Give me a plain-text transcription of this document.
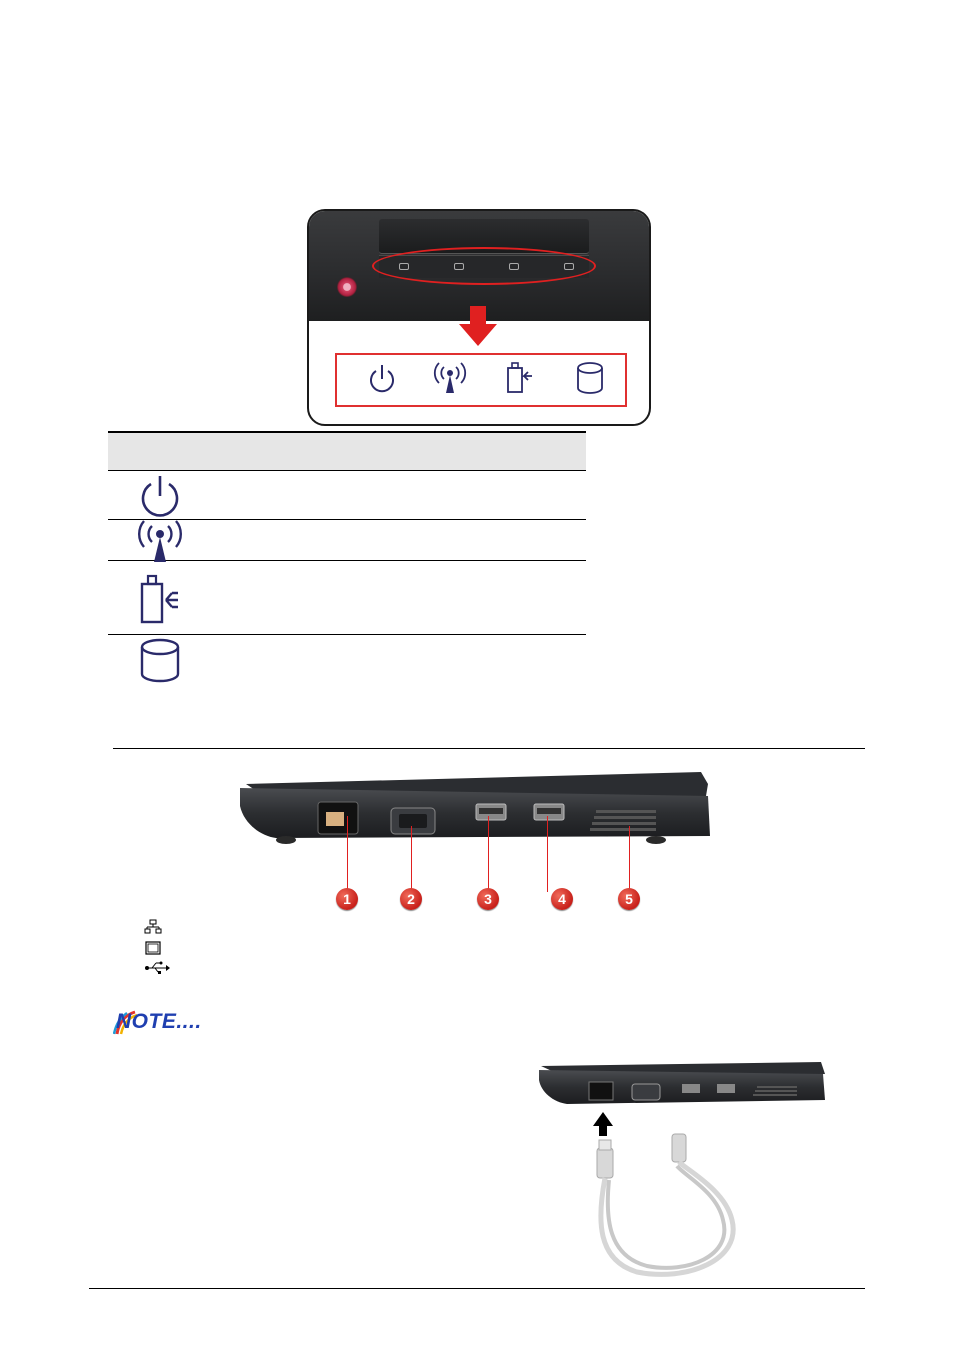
1	2	3	4	5
NOTE....
